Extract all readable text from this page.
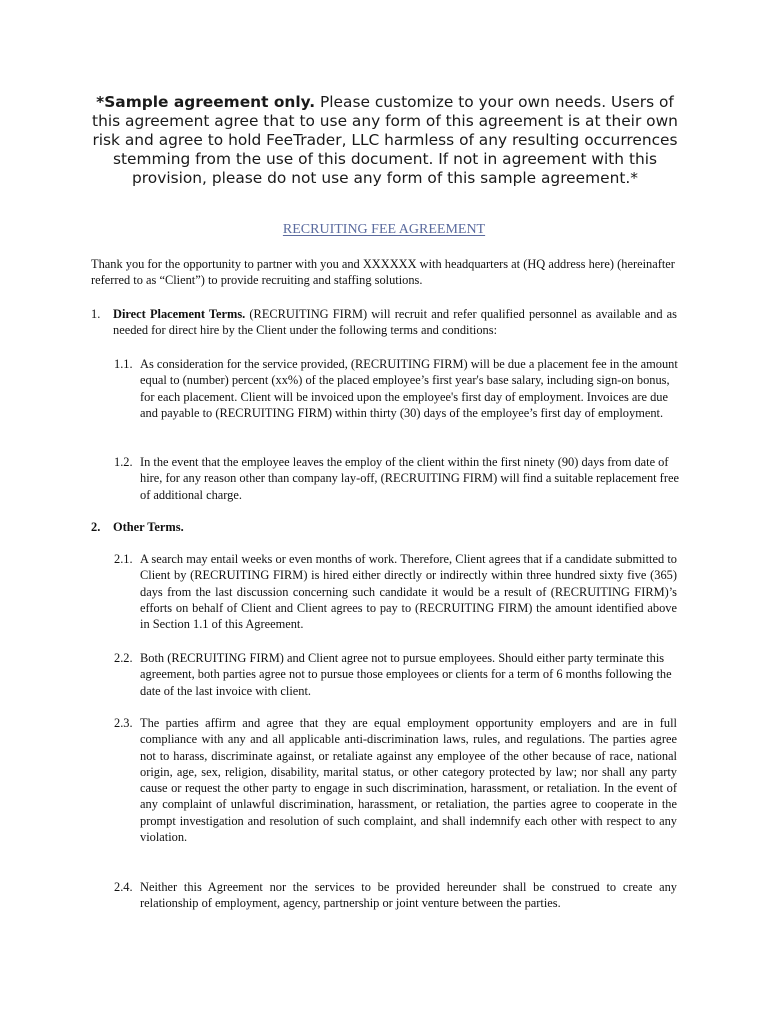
*Sample agreement only. Please customize to your own needs. Users of this agreement agree that to use any form of this agreement is at their own risk and agree to hold FeeTrader, LLC harmless of any resulting occurrences stemming from the use of this document. If not in agreement with this provision, please do not use any form of this sample agreement.*
RECRUITING FEE AGREEMENT
Thank you for the opportunity to partner with you and XXXXXX with headquarters at (HQ address here) (hereinafter referred to as “Client”) to provide recruiting and staffing solutions.
1. Direct Placement Terms. (RECRUITING FIRM) will recruit and refer qualified personnel as available and as needed for direct hire by the Client under the following terms and conditions:
1.1. As consideration for the service provided, (RECRUITING FIRM) will be due a placement fee in the amount equal to (number) percent (xx%) of the placed employee’s first year's base salary, including sign-on bonus, for each placement. Client will be invoiced upon the employee's first day of employment. Invoices are due and payable to (RECRUITING FIRM) within thirty (30) days of the employee’s first day of employment.
1.2. In the event that the employee leaves the employ of the client within the first ninety (90) days from date of hire, for any reason other than company lay-off, (RECRUITING FIRM) will find a suitable replacement free of additional charge.
2. Other Terms.
2.1. A search may entail weeks or even months of work. Therefore, Client agrees that if a candidate submitted to Client by (RECRUITING FIRM) is hired either directly or indirectly within three hundred sixty five (365) days from the last discussion concerning such candidate it would be a result of (RECRUITING FIRM)’s efforts on behalf of Client and Client agrees to pay to (RECRUITING FIRM) the amount identified above in Section 1.1 of this Agreement.
2.2. Both (RECRUITING FIRM) and Client agree not to pursue employees. Should either party terminate this agreement, both parties agree not to pursue those employees or clients for a term of 6 months following the date of the last invoice with client.
2.3. The parties affirm and agree that they are equal employment opportunity employers and are in full compliance with any and all applicable anti-discrimination laws, rules, and regulations. The parties agree not to harass, discriminate against, or retaliate against any employee of the other because of race, national origin, age, sex, religion, disability, marital status, or other category protected by law; nor shall any party cause or request the other party to engage in such discrimination, harassment, or retaliation. In the event of any complaint of unlawful discrimination, harassment, or retaliation, the parties agree to cooperate in the prompt investigation and resolution of such complaint, and shall indemnify each other with respect to any violation.
2.4. Neither this Agreement nor the services to be provided hereunder shall be construed to create any relationship of employment, agency, partnership or joint venture between the parties.
